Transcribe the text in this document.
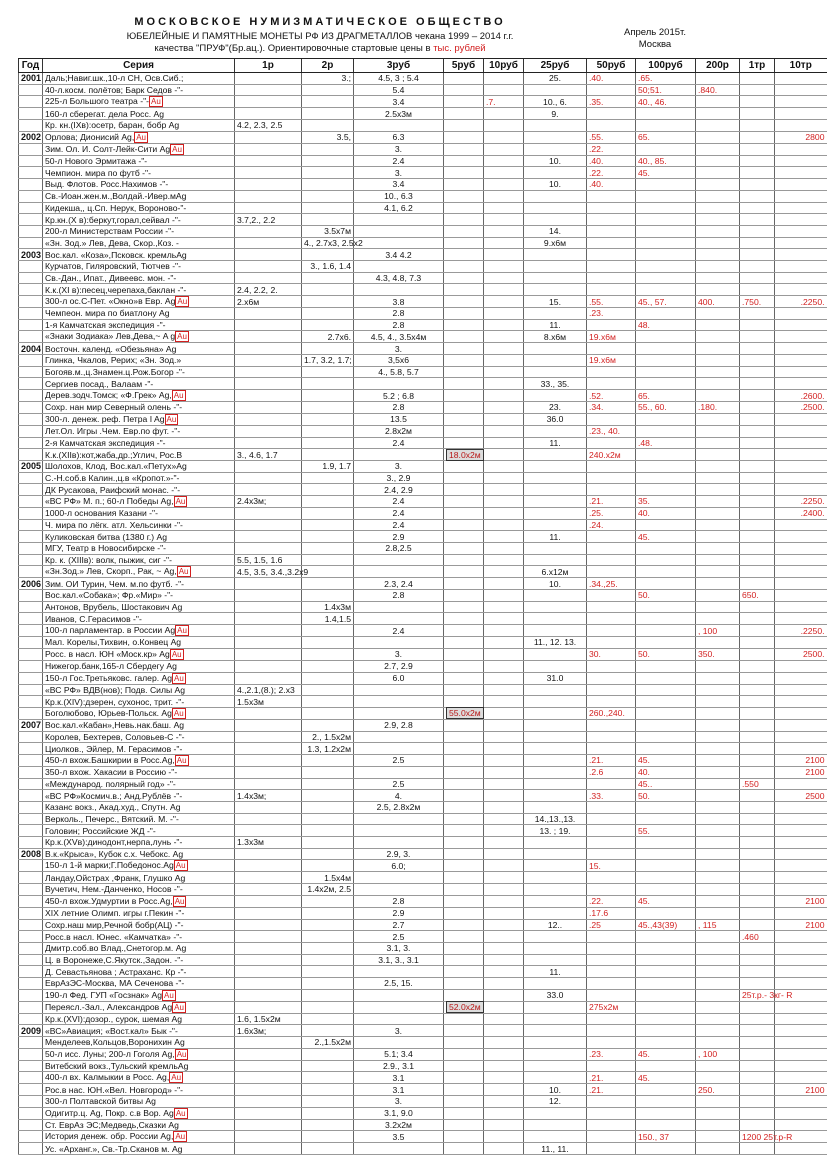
МОСКОВСКОЕ НУМИЗМАТИЧЕСКОЕ ОБЩЕСТВО
ЮБЕЛЕЙНЫЕ И ПАМЯТНЫЕ МОНЕТЫ РФ ИЗ ДРАГМЕТАЛЛОВ чекана 1999 – 2014 г.г.
качества "ПРУФ"(Бр.ац.). Ориентировочные стартовые цены в тыс. рублей
Апрель 2015т.
Москва
Год	Серия	1р	2р	3руб	5руб	10руб	25руб	50руб	100руб	200р	1тр	10тр
2001	Даль;Навиг.шк.,10-л СН, Осв.Сиб.;		3.;	4.5, 3 ; 5.4			25.	.40.	.65.			
	40-л.косм. полётов; Барк Седов -"-			5.4					50;51.	.840.		
	225-л Большого театра -"- Au			3.4		.7.	10., 6.	.35.	40., 46.			
	160-л сберегат. дела Росс. Ag			2.5х3м			9.					
	Кр. кн.(IXв):осетр, баран, бобр Ag	4.2, 2.3, 2.5										
2002	Орлова; Дионисий Ag, Au		3.5,	6.3				.55.	65.			2800
	Зим. Ол. И. Солт-Лейк-Сити Ag Au			3.				.22.				
	50-л Нового Эрмитажа -"-			2.4			10.	.40.	40., 85.			
	Чемпион. мира по футб -"-			3.				.22.	45.			
	Выд. Флотов. Росс.Нахимов -"-			3.4			10.	.40.				
	Св.-Иоан.жен.м.,Волдай.-Ивер.мAg			10., 6.3								
	Кидекша,, ц.Сп. Нерук, Вороново-"-			4.1, 6.2								
	Кр.кн.(Х в):беркут,горал,сейвал -"-	3.7,2., 2.2										
	200-л Министерствам России -"-		3.5х7м				14.					
	«Зн. Зод.» Лев, Дева, Скор.,Коз. -		4., 2.7х3, 2.5х2				9.х6м					
2003	Вос.кал. «Коза»,Псковск. кремльAg			3.4 4.2								
	Курчатов, Гиляровский, Тютчев -"-		3., 1.6, 1.4									
	Св.-Дан., Ипат., Дивеевс. мон. -"-			4.3, 4.8, 7.3								
	К.к.(XI в):песец,черепаха,баклан -"-	2.4, 2.2, 2.										
	300-л ос.С-Пет. «Окно»в Евр. Ag Au	2.х6м		3.8			15.	.55.	45., 57.	400.	.750.	.2250.
	Чемпеон. мира по биатлону Ag			2.8				.23.				
	1-я Камчатская экспедиция -"-			2.8			11.		48.			
	«Знаки Зодиака» Лев,Дева,~ A g Au		2.7х6.	4.5, 4., 3.5х4м			8.х6м	19.х6м				
2004	Восточн. календ. «Обезьяна» Ag			3.								
	Глинка, Чкалов, Рерих; «Зн. Зод.»		1.7, 3.2, 1.7;	3,5х6				19.х6м				
	Богояв.м.,ц.Знамен.ц.Рож.Богор -"-			4., 5.8, 5.7								
	Сергиев посад., Валаам -"-						33., 35.					
	Дерев.зодч.Томск; «Ф.Грек» Ag, Au			5.2 ; 6.8				.52.	65.			.2600.
	Сохр. нан мир Северный олень -"-			2.8			23.	.34.	55., 60.	.180.		.2500.
	300-л. денеж. реф. Петра I Ag Au			13.5			36.0					
	Лет.Ол. Игры .Чем. Евр.по фут. -"-			2.8х2м				.23., 40.				
	2-я Камчатская экспедиция -"-			2.4			11.		.48.			
	К.к.(XIIв):кот,жаба,др.;Углич, Рос.В	3., 4.6, 1.7			18.0х2м			240.х2м				
2005	Шолохов, Клод, Вос.кал.«Петух»Ag		1.9, 1.7	3.								
	С.-Н.соб.в Калин.,ц.в «Кропот.»-"-			3., 2.9								
	ДК Русакова, Раифский монас. -"-			2.4, 2.9								
	«ВС РФ» М. п.; 60-л Победы Ag, Au	2.4х3м;		2.4				.21.	35.			.2250.
	1000-л основания Казани -"-			2.4				.25.	40.			.2400.
	Ч. мира по лёгк. атл. Хельсинки -"-			2.4				.24.				
	Куликовская битва (1380 г.) Ag			2.9			11.		45.			
	МГУ, Театр в Новосибирске -"-			2.8,2.5								
	Кр. к. (XIIIв): волк, пыжик, сиг -"-	5.5, 1.5, 1.6										
	«Зн.Зод.» Лев, Скорп., Рак, ~ Ag, Au	4.5, 3.5, 3.4.,3.2х9					6.х12м					
2006	Зим. ОИ Турин, Чем. м.по футб. -"-			2.3, 2.4			10.	.34.,25.				
	Вос.кал.«Собака»; Фр.«Мир» -"-			2.8					50.		650.	
	Антонов, Врубель, Шостакович Ag		1.4х3м									
	Иванов, С.Герасимов -"-		1.4,1.5									
	100-л парламентар. в России Ag Au			2.4						, 100		.2250.
	Мал. Корелы,Тихвин, о.Конвец Ag						11., 12. 13.					
	Росс. в насл. ЮН «Моск.кр» Ag Au			3.				30.	50.	350.		2500.
	Нижегор.банк,165-л Сбердегу Ag			2.7, 2.9								
	150-л Гос.Третьяковс. галер. Ag Au			6.0			31.0					
	«ВС РФ» ВДВ(нов); Подв. Силы Ag	4.,2.1,(8.); 2.х3										
	Кр.к.(XIV):дзерен, сухонос, трит. -"-	1.5х3м										
	Боголюбово, Юрьев-Польск. Ag Au				55.0х2м			260.,240.				
2007	Вос.кал.«Кабан»,Невь.нак.баш. Ag			2.9, 2.8								
	Королев, Бехтерев, Соловьев-С -"-		2., 1.5х2м									
	Циолков., Эйлер, М. Герасимов -"-		1.3, 1.2х2м									
	450-л вхож.Башкирии в Росс.Ag, Au			2.5				.21.	45.			2100
	350-л вхож. Хакасии в Россию -"-							.2.6	40.			2100
	«Международ. полярный год» -"-			2.5					45..		.550	
	«ВС РФ»Космич.в.; Анд.Рублёв -"-	1.4х3м;		4.				.33.	50.			2500
	Казанс вокз., Акад.худ., Спутн. Ag			2.5, 2.8х2м								
	Верколь., Печерс., Вятский. М. -"-						14.,13.,13.					
	Головин; Российские ЖД -"-						13. ; 19.		55.			
	Кр.к.(XVв):динодонт,нерпа,лунь -"-	1.3х3м										
2008	В.к.«Крыса», Кубок с.х. Чебокс. Ag			2.9, 3.								
	150-л 1-й марки;Г.Победонос.Ag Au			6.0;				15.				
	Ландау,Ойстрах ,Франк, Глушко Ag		1.5х4м									
	Вучетич, Нем.-Данченко, Носов -"-		1.4х2м, 2.5									
	450-л вхож.Удмуртии в Росс.Ag, Au			2.8				.22.	45.			2100
	XIX летние Олимп. игры г.Пекин -"-			2.9				.17.6				
	Сохр.наш мир,Речной бобр(АЦ) -"-			2.7			12..	.25	45.,43(39)	, 115		2100
	Росс.в насл. Юнес. «Камчатка» -"-			2.5							.460	
	Дмитр.соб.во Влад.,Снетогор.м. Ag			3.1, 3.								
	Ц. в Воронеже,С.Якутск.,Задон. -"-			3.1, 3., 3.1								
	Д. Севастьянова ; Астраханс. Кр -"-						11.					
	ЕврАзЭС-Москва, МА Сеченова -"-			2.5, 15.								
	190-л Фед. ГУП «Госзнак» Ag Au						33.0				25т.р.- 3кг- R	
	Переясл.-Зал., Александров Ag Au				52.0х2м			275х2м				
	Кр.к.(XVI):дозор., сурок, шемая Ag	1.6, 1.5х2м										
2009	«ВС»Авиация; «Вост.кал» Бык -"-	1.6х3м;		3.								
	Менделеев,Кольцов,Воронихин Ag		2.,1.5х2м									
	50-л исс. Луны; 200-л Гоголя Ag, Au			5.1; 3.4				.23.	45.	, 100		
	Витебский вокз.,Тульский кремльAg			2.9., 3.1								
	400-л вх. Калмыкии в Росс. Ag, Au			3.1				.21.	45.			
	Рос.в нас. ЮН.«Вел. Новгород» -"-			3.1			10.	.21.		250.		2100
	300-л Полтавской битвы Ag			3.			12.					
	Одигитр.ц. Ag, Покр. с.в Вор. Ag Au			3.1, 9.0								
	Ст. ЕврАз ЭС;Медведь,Сказки Ag			3.2х2м								
	История денеж. обр. России Ag, Au			3.5					150., 37		1200 25т.р-R	
	Ус. «Арханг.», Св.-Тр.Сканов м. Ag						11., 11.					
